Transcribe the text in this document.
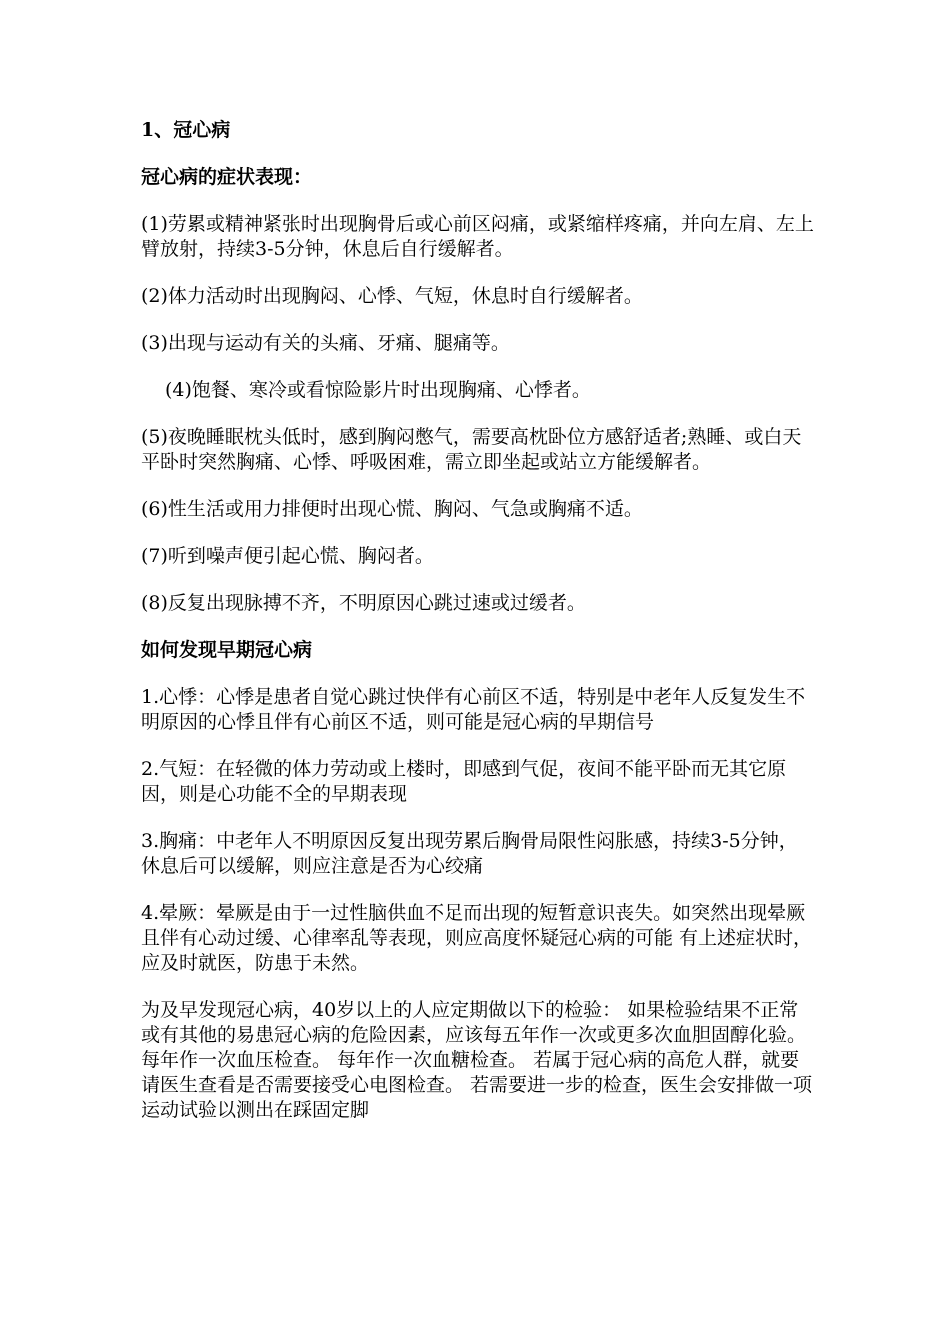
1、冠心病

冠心病的症状表现：

(1)劳累或精神紧张时出现胸骨后或心前区闷痛，或紧缩样疼痛，并向左肩、左上臂放射，持续3-5分钟，休息后自行缓解者。

(2)体力活动时出现胸闷、心悸、气短，休息时自行缓解者。

(3)出现与运动有关的头痛、牙痛、腿痛等。

(4)饱餐、寒冷或看惊险影片时出现胸痛、心悸者。

(5)夜晚睡眠枕头低时，感到胸闷憋气，需要高枕卧位方感舒适者;熟睡、或白天平卧时突然胸痛、心悸、呼吸困难，需立即坐起或站立方能缓解者。

(6)性生活或用力排便时出现心慌、胸闷、气急或胸痛不适。

(7)听到噪声便引起心慌、胸闷者。

(8)反复出现脉搏不齐，不明原因心跳过速或过缓者。

如何发现早期冠心病

1.心悸：心悸是患者自觉心跳过快伴有心前区不适，特别是中老年人反复发生不明原因的心悸且伴有心前区不适，则可能是冠心病的早期信号

2.气短：在轻微的体力劳动或上楼时，即感到气促，夜间不能平卧而无其它原因，则是心功能不全的早期表现

3.胸痛：中老年人不明原因反复出现劳累后胸骨局限性闷胀感，持续3-5分钟，休息后可以缓解，则应注意是否为心绞痛

4.晕厥：晕厥是由于一过性脑供血不足而出现的短暂意识丧失。如突然出现晕厥且伴有心动过缓、心律率乱等表现，则应高度怀疑冠心病的可能 有上述症状时，应及时就医，防患于未然。

为及早发现冠心病，40岁以上的人应定期做以下的检验： 如果检验结果不正常或有其他的易患冠心病的危险因素，应该每五年作一次或更多次血胆固醇化验。 每年作一次血压检查。 每年作一次血糖检查。 若属于冠心病的高危人群，就要请医生查看是否需要接受心电图检查。 若需要进一步的检查，医生会安排做一项运动试验以测出在踩固定脚
